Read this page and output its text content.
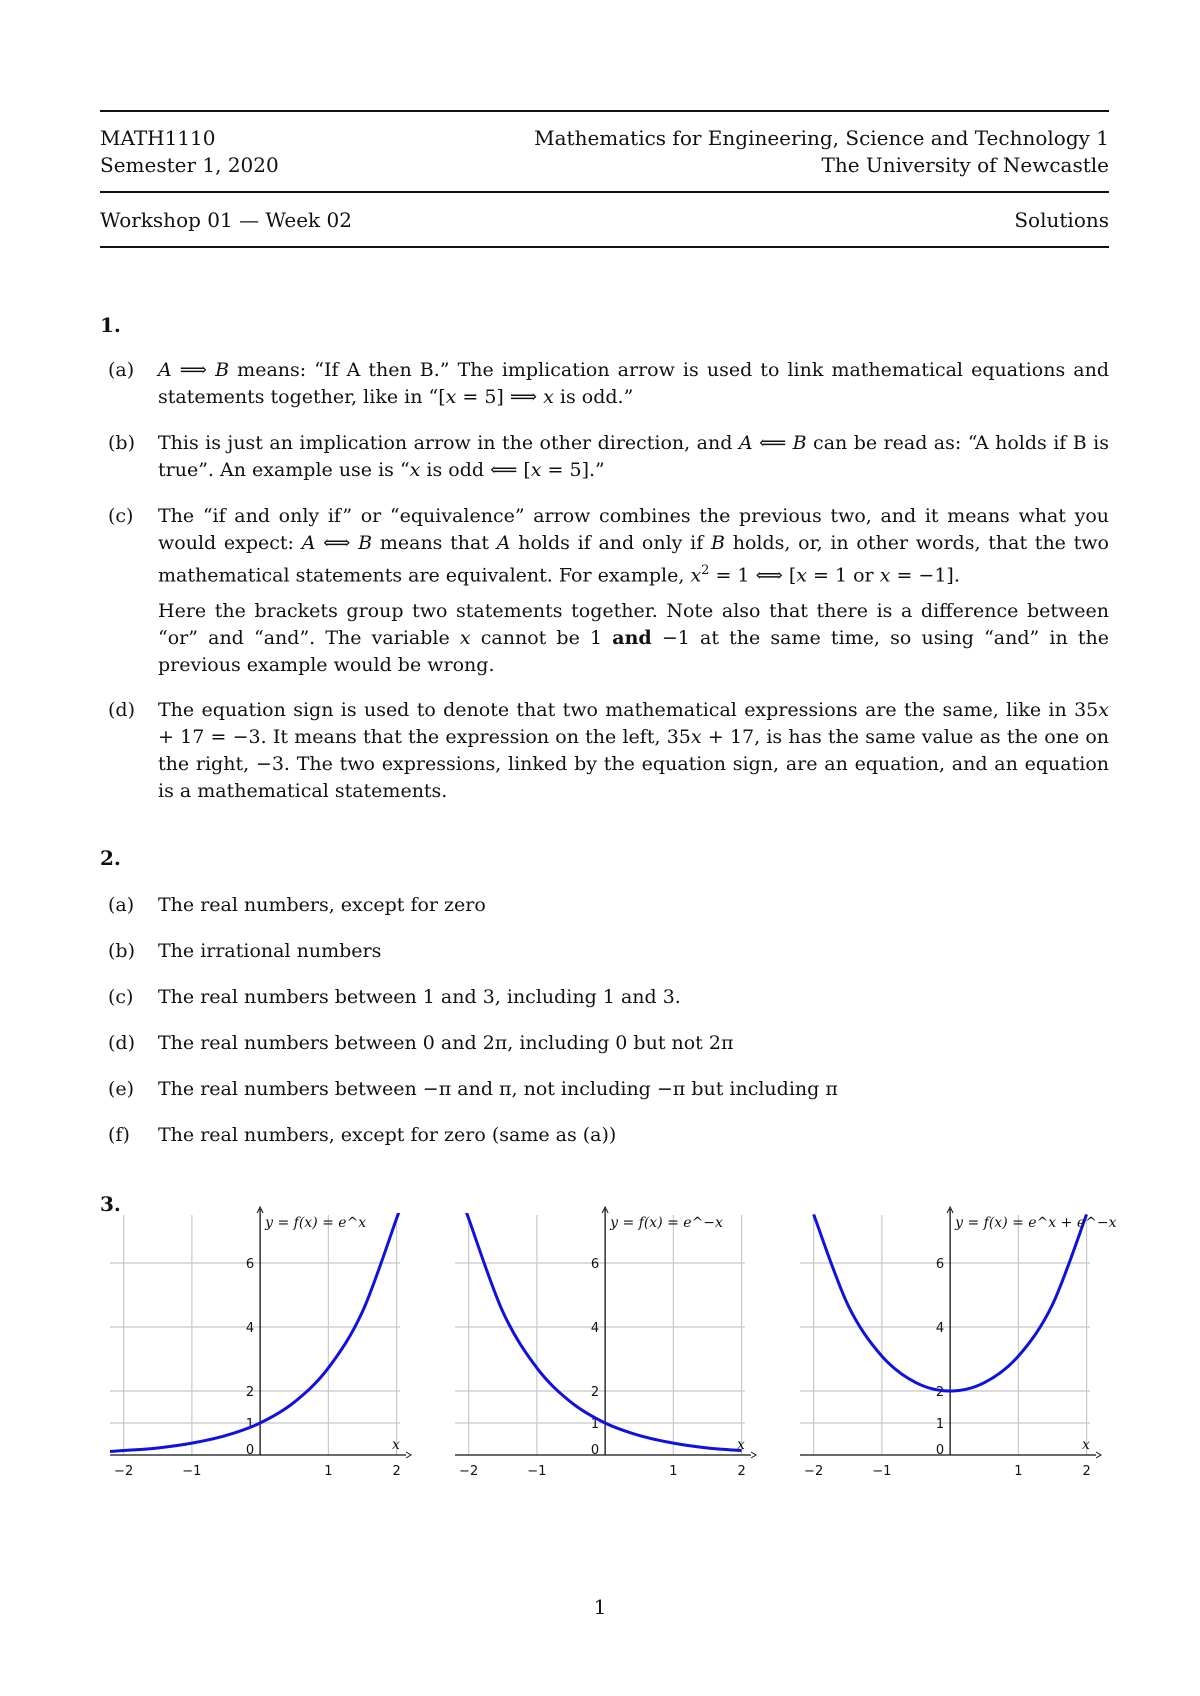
MATH1110	Mathematics for Engineering, Science and Technology 1
Semester 1, 2020	The University of Newcastle
Workshop 01 — Week 02	Solutions
1.
(a)	A ⟹ B means: “If A then B.” The implication arrow is used to link mathematical equations and statements together, like in “[x = 5] ⟹ x is odd.”
(b)	This is just an implication arrow in the other direction, and A ⟸ B can be read as: “A holds if B is true”. An example use is “x is odd ⟸ [x = 5].”
(c)	The “if and only if” or “equivalence” arrow combines the previous two, and it means what you would expect: A ⟺ B means that A holds if and only if B holds, or, in other words, that the two mathematical statements are equivalent. For example, $x^2 = 1$ ⟺ [x = 1 or x = −1].
Here the brackets group two statements together. Note also that there is a difference between “or” and “and”. The variable x cannot be 1 and −1 at the same time, so using “and” in the previous example would be wrong.
(d)	The equation sign is used to denote that two mathematical expressions are the same, like in 35x + 17 = −3. It means that the expression on the left, 35x + 17, is has the same value as the one on the right, −3. The two expressions, linked by the equation sign, are an equation, and an equation is a mathematical statements.
2.
(a)	The real numbers, except for zero
(b)	The irrational numbers
(c)	The real numbers between 1 and 3, including 1 and 3.
(d)	The real numbers between 0 and 2π, including 0 but not 2π
(e)	The real numbers between −π and π, not including −π but including π
(f)	The real numbers, except for zero (same as (a))
3.
−2	−1	1	2
0
1
2
4
6
x
y = f(x) = e^x
−2	−1	1	2
0
1
2
4
6
x
y = f(x) = e^−x
−2	−1	1	2
0
1
2
4
6
x
y = f(x) = e^x + e^−x
1
